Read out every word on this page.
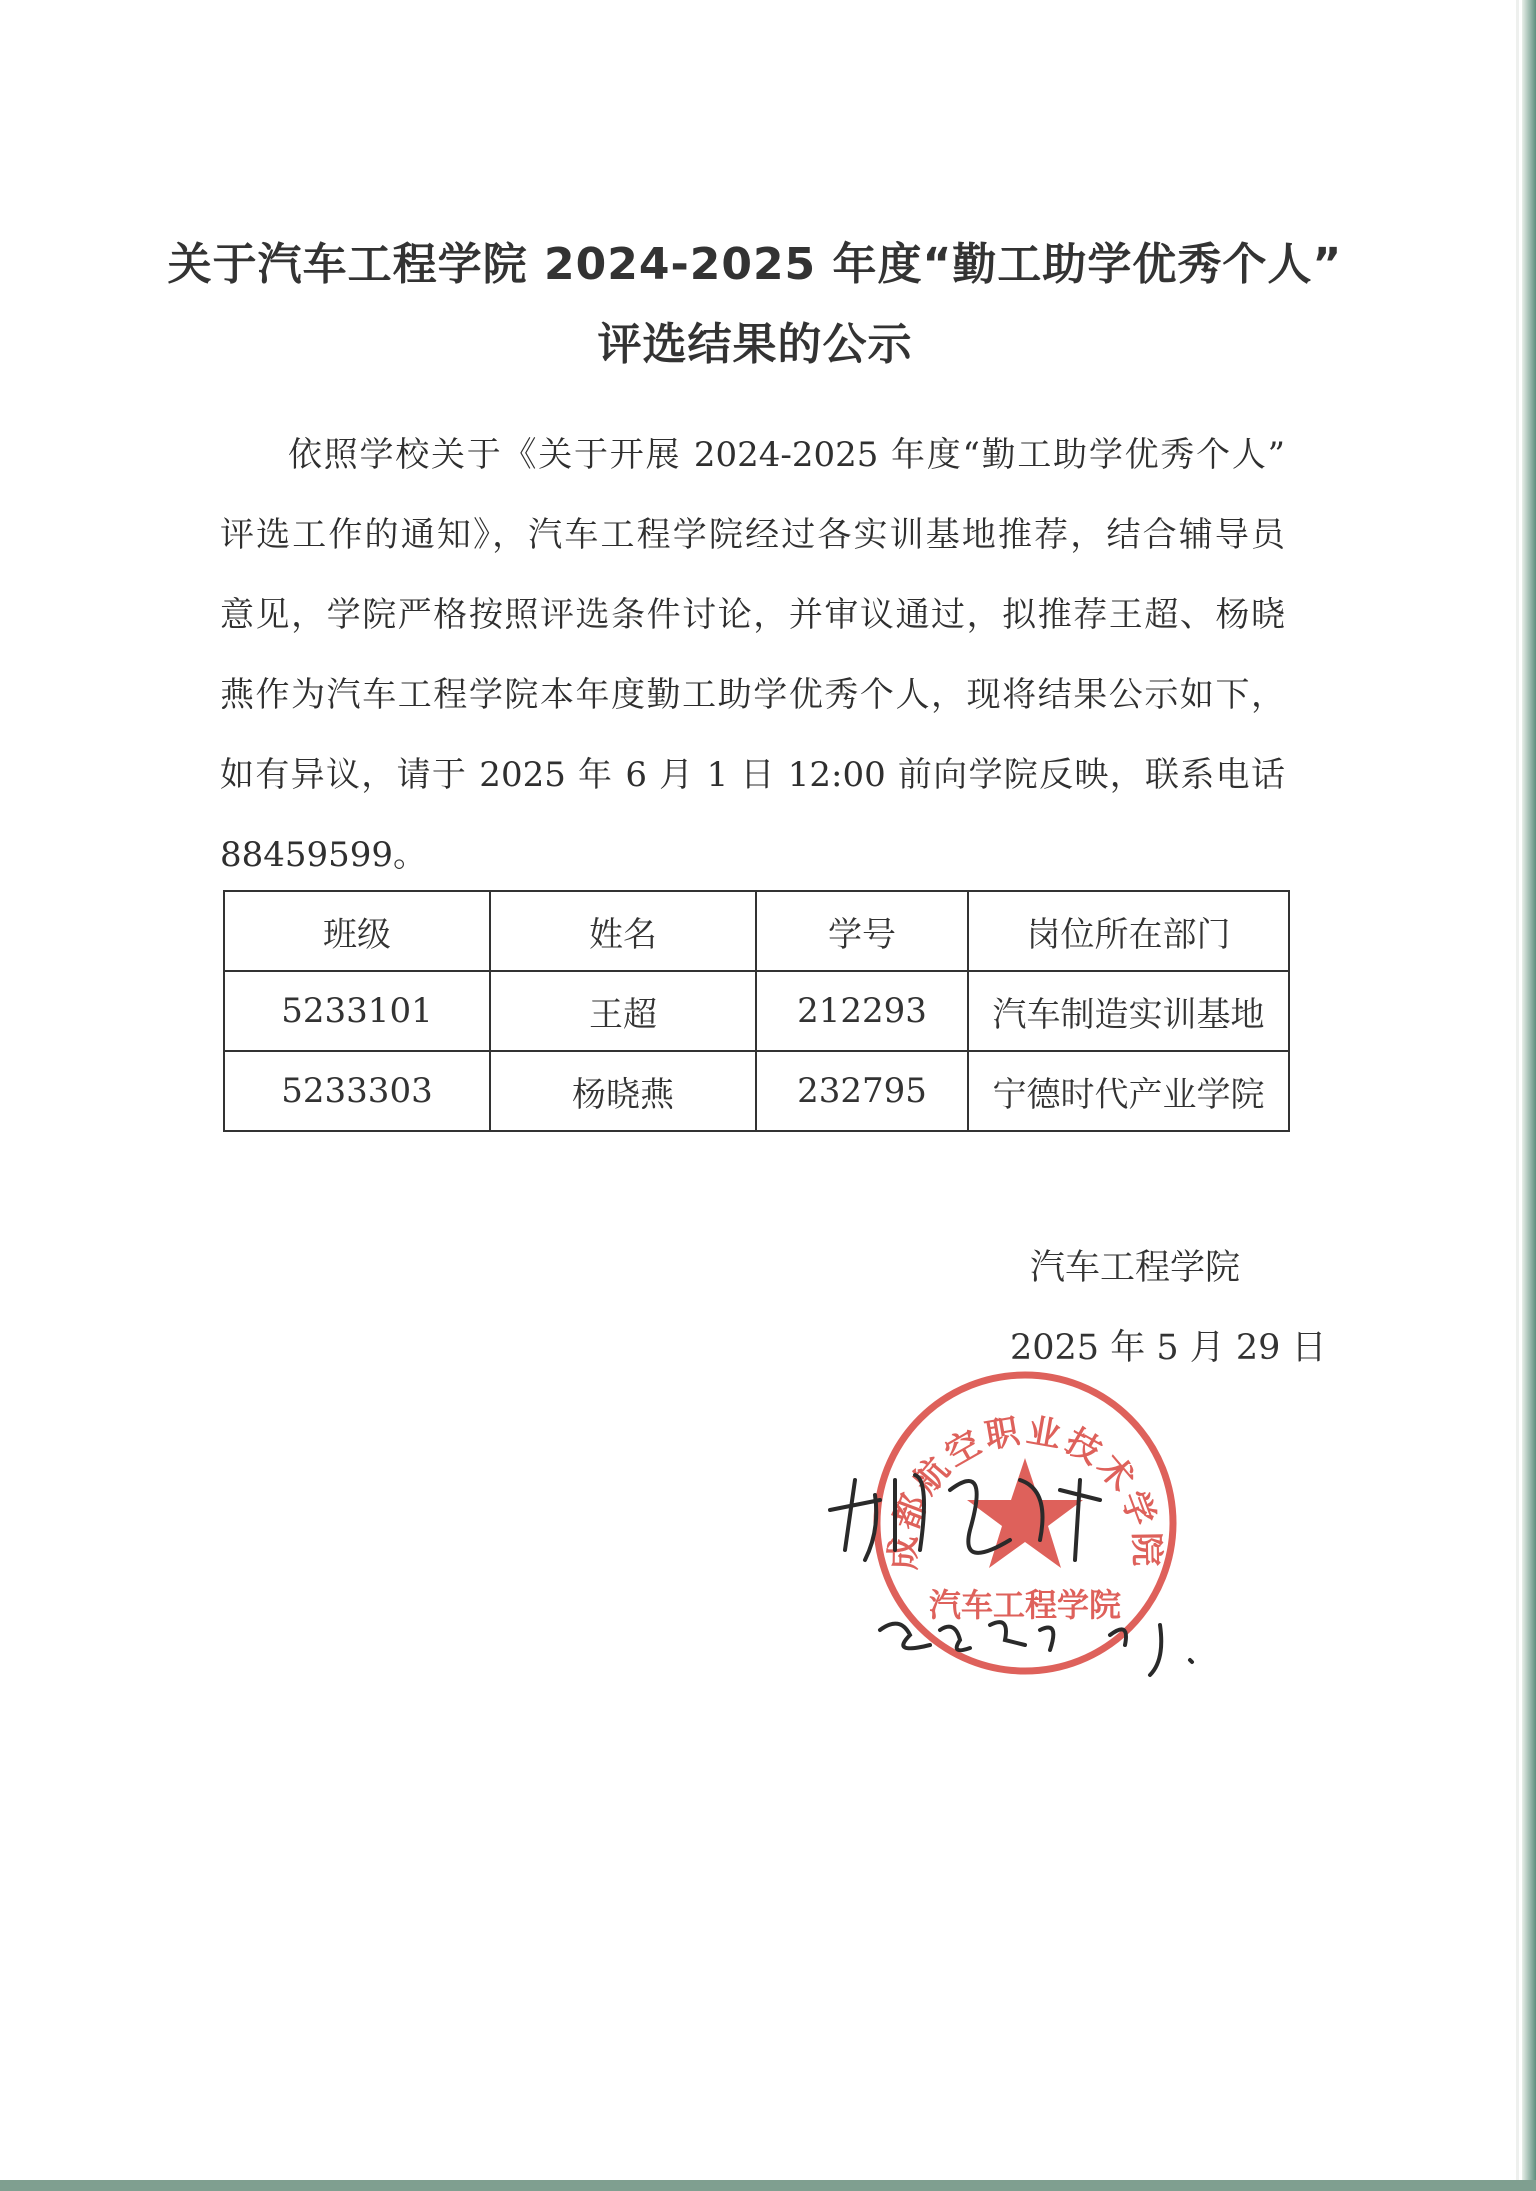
关于汽车工程学院 2024-2025 年度“勤工助学优秀个人”
评选结果的公示
依照学校关于《关于开展 2024-2025 年度“勤工助学优秀个人”
评选工作的通知》，汽车工程学院经过各实训基地推荐，结合辅导员
意见，学院严格按照评选条件讨论，并审议通过，拟推荐王超、杨晓
燕作为汽车工程学院本年度勤工助学优秀个人，现将结果公示如下，
如有异议，请于 2025 年 6 月 1 日 12:00 前向学院反映，联系电话
88459599。
班级	姓名	学号	岗位所在部门
5233101	王超	212293	汽车制造实训基地
5233303	杨晓燕	232795	宁德时代产业学院
汽车工程学院
2025 年 5 月 29 日
成都航空职业技术学院
汽车工程学院
